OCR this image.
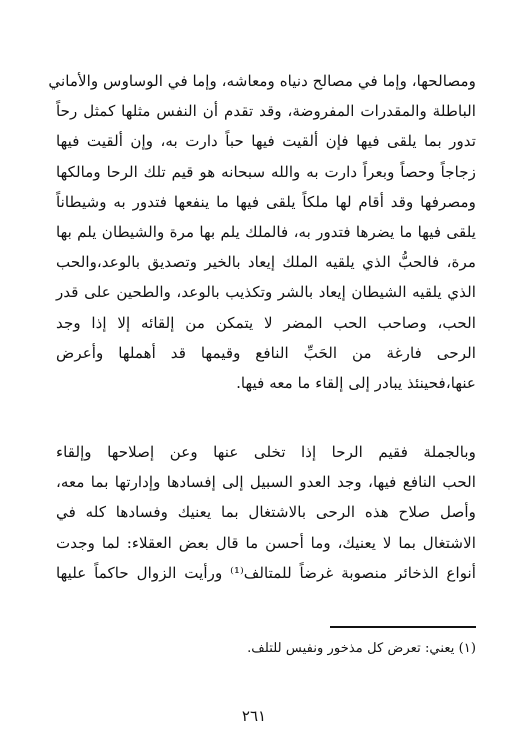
ومصالحها، وإما في مصالح دنياه ومعاشه، وإما في الوساوس والأماني
الباطلة والمقدرات المفروضة، وقد تقدم أن النفس مثلها كمثل رحاً
تدور بما يلقى فيها فإن ألقيت فيها حباً دارت به، وإن ألقيت فيها
زجاجاً وحصاً وبعراً دارت به والله سبحانه هو قيم تلك الرحا ومالكها
ومصرفها وقد أقام لها ملكاً يلقى فيها ما ينفعها فتدور به وشيطاناً
يلقى فيها ما يضرها فتدور به، فالملك يلم بها مرة والشيطان يلم بها
مرة، فالحبُّ الذي يلقيه الملك إيعاد بالخير وتصديق بالوعد،والحب
الذي يلقيه الشيطان إيعاد بالشر وتكذيب بالوعد، والطحين على قدر
الحب، وصاحب الحب المضر لا يتمكن من إلقائه إلا إذا وجد
الرحى فارغة من الحَبِّ النافع وقيمها قد أهملها وأعرض
عنها،فحينئذ يبادر إلى إلقاء ما معه فيها.
وبالجملة فقيم الرحا إذا تخلى عنها وعن إصلاحها وإلقاء
الحب النافع فيها، وجد العدو السبيل إلى إفسادها وإدارتها بما معه،
وأصل صلاح هذه الرحى بالاشتغال بما يعنيك وفسادها كله في
الاشتغال بما لا يعنيك، وما أحسن ما قال بعض العقلاء: لما وجدت
أنواع الذخائر منصوبة غرضاً للمتالف⁽¹⁾ ورأيت الزوال حاكماً عليها
(١) يعني: تعرض كل مذخور ونفيس للتلف.
٢٦١
